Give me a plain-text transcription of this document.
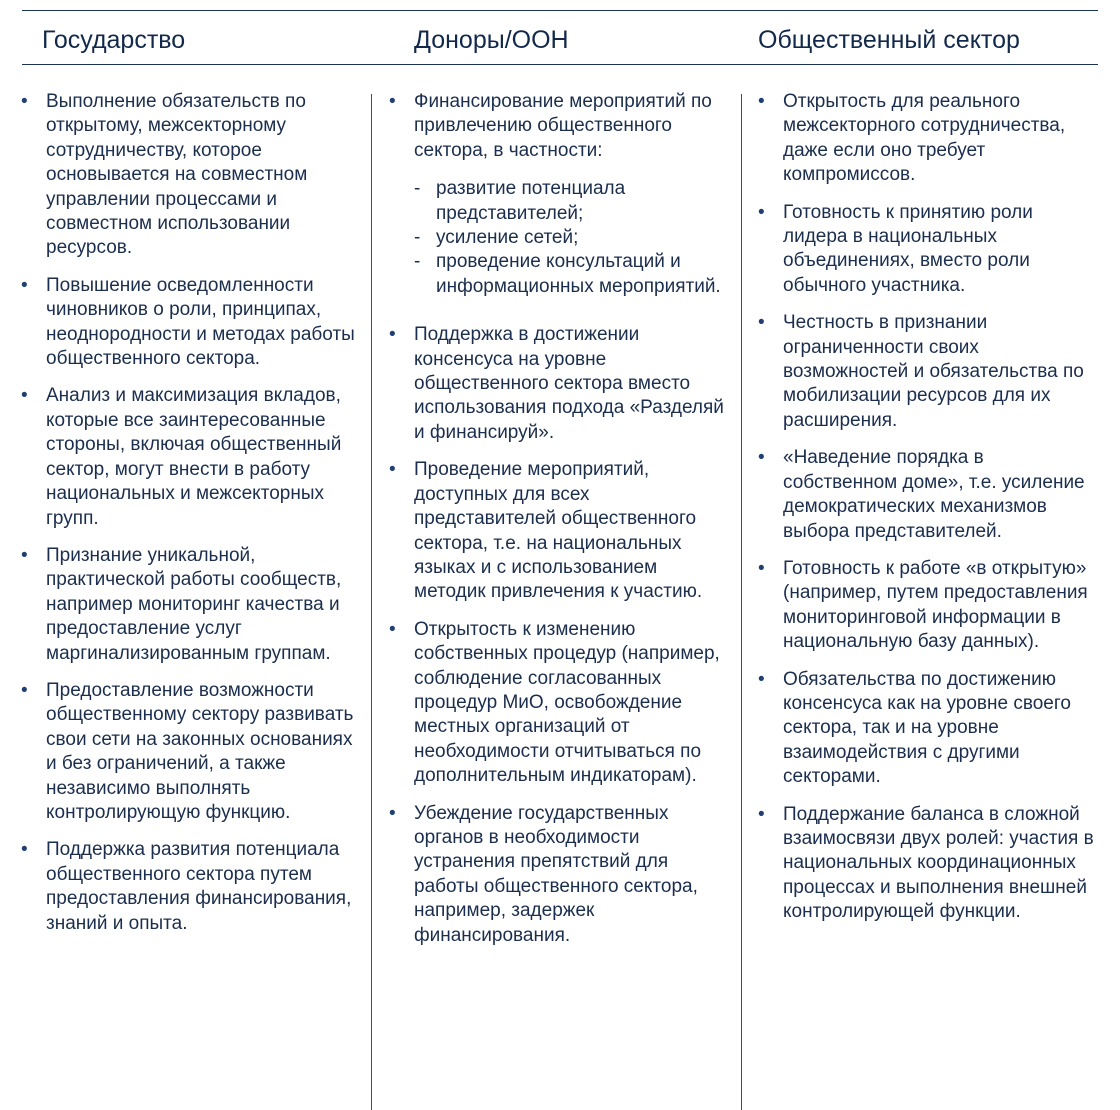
Государство	Доноры/ООН	Общественный сектор
• Выполнение обязательств по открытому, межсекторному сотрудничеству, которое основывается на совместном управлении процессами и совместном использовании ресурсов.
• Повышение осведомленности чиновников о роли, принципах, неоднородности и методах работы общественного сектора.
• Анализ и максимизация вкладов, которые все заинтересованные стороны, включая общественный сектор, могут внести в работу национальных и межсекторных групп.
• Признание уникальной, практической работы сообществ, например мониторинг качества и предоставление услуг маргинализированным группам.
• Предоставление возможности общественному сектору развивать свои сети на законных основаниях и без ограничений, а также независимо выполнять контролирующую функцию.
• Поддержка развития потенциала общественного сектора путем предоставления финансирования, знаний и опыта.
• Финансирование мероприятий по привлечению общественного сектора, в частности:
- развитие потенциала представителей;
- усиление сетей;
- проведение консультаций и информационных мероприятий.
• Поддержка в достижении консенсуса на уровне общественного сектора вместо использования подхода «Разделяй и финансируй».
• Проведение мероприятий, доступных для всех представителей общественного сектора, т.е. на национальных языках и с использованием методик привлечения к участию.
• Открытость к изменению собственных процедур (например, соблюдение согласованных процедур МиО, освобождение местных организаций от необходимости отчитываться по дополнительным индикаторам).
• Убеждение государственных органов в необходимости устранения препятствий для работы общественного сектора, например, задержек финансирования.
• Открытость для реального межсекторного сотрудничества, даже если оно требует компромиссов.
• Готовность к принятию роли лидера в национальных объединениях, вместо роли обычного участника.
• Честность в признании ограниченности своих возможностей и обязательства по мобилизации ресурсов для их расширения.
• «Наведение порядка в собственном доме», т.е. усиление демократических механизмов выбора представителей.
• Готовность к работе «в открытую» (например, путем предоставления мониторинговой информации в национальную базу данных).
• Обязательства по достижению консенсуса как на уровне своего сектора, так и на уровне взаимодействия с другими секторами.
• Поддержание баланса в сложной взаимосвязи двух ролей: участия в национальных координационных процессах и выполнения внешней контролирующей функции.
